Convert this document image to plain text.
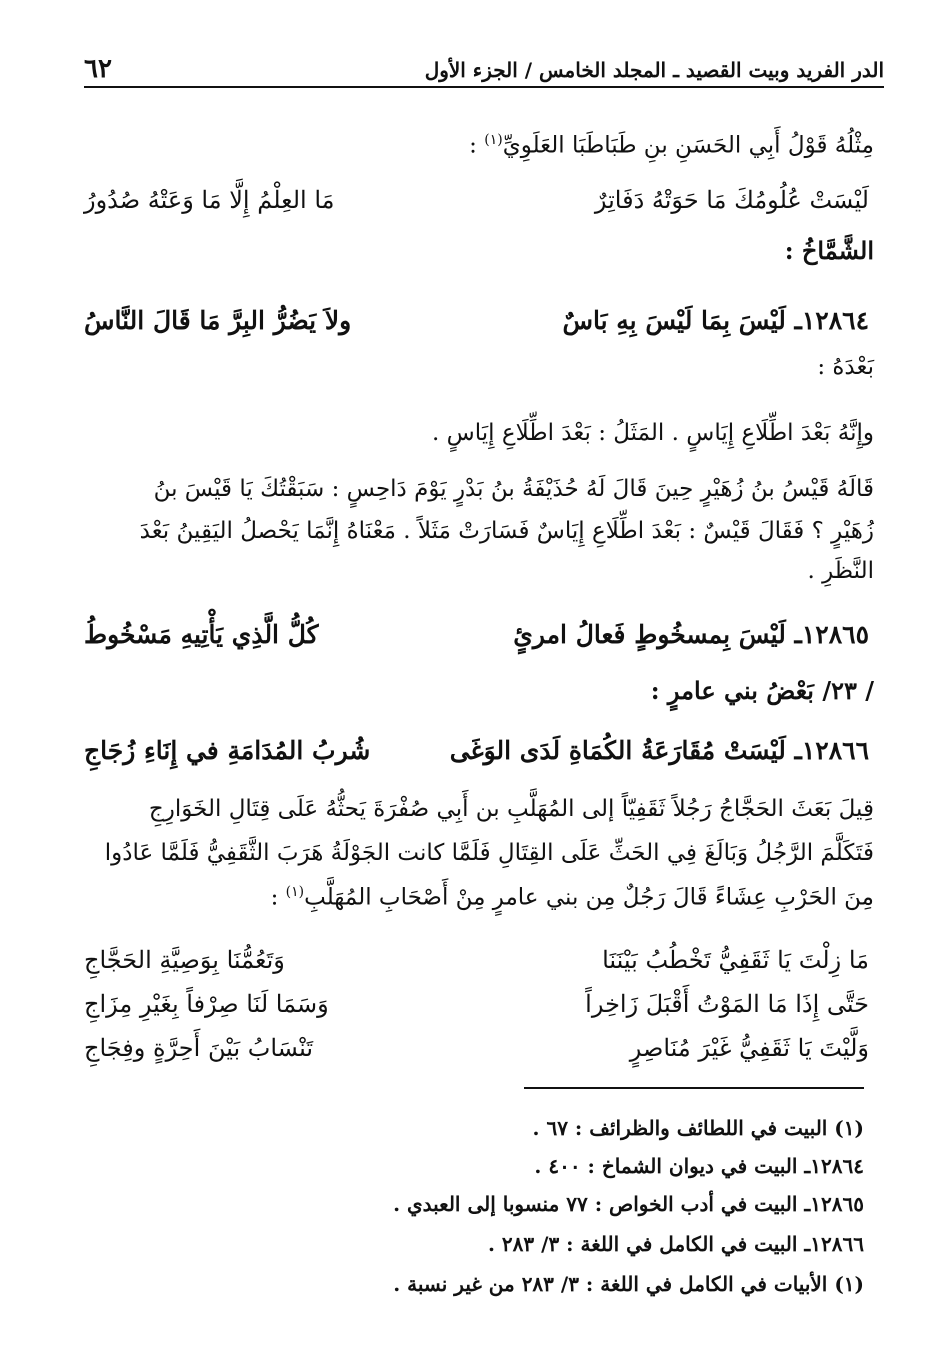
الدر الفريد وبيت القصيد ـ المجلد الخامس / الجزء الأول
٦٢
مِثْلُهُ قَوْلُ أَبِي الحَسَنِ بنِ طَبَاطَبَا العَلَوِيِّ$^{(١)}$ :
لَيْسَتْ عُلُومُكَ مَا حَوَتْهُ دَفَاتِرٌ
مَا العِلْمُ إِلَّا مَا وَعَتْهُ صُدُورُ
الشَّمَّاخُ :
١٢٨٦٤ـ لَيْسَ بِمَا لَيْسَ بِهِ بَاسٌ
ولاَ يَضُرُّ البِرَّ مَا قَالَ النَّاسُ
بَعْدَهُ :
وإِنَّهُ بَعْدَ اطِّلَاعِ إِيَاسٍ . المَثَلُ : بَعْدَ اطِّلَاعِ إِيَاسٍ .
قَالَهُ قَيْسُ بنُ زُهَيْرٍ حِينَ قَالَ لَهُ حُذَيْفَةُ بنُ بَدْرٍ يَوْمَ دَاحِسٍ : سَبَقْتُكَ يَا قَيْسَ بنُ
زُهَيْرٍ ؟ فَقَالَ قَيْسٌ : بَعْدَ اطِّلَاعِ إِيَاسٌ فَسَارَتْ مَثَلاً . مَعْنَاهُ إِنَّمَا يَحْصلُ اليَقِينُ بَعْدَ
النَّظَرِ .
١٢٨٦٥ـ لَيْسَ بِمسخُوطٍ فَعالُ امرئٍ
كُلُّ الَّذِي يَأْتِيهِ مَسْخُوطُ
/ ٢٣/ بَعْضُ بني عامرٍ :
١٢٨٦٦ـ لَيْسَتْ مُقَارَعَةُ الكُمَاةِ لَدَى الوَغَى
شُربُ المُدَامَةِ في إِنَاءِ زُجَاجِ
قِيلَ بَعَثَ الحَجَّاجُ رَجُلاً ثَقَفِيّاً إلى المُهَلَّبِ بن أَبِي صُفْرَةَ يَحثُّهُ عَلَى قِتَالِ الخَوَارِجِ
فَتَكَلَّمَ الرَّجُلُ وَبَالَغَ فِي الحَثِّ عَلَى القِتَالِ فَلَمَّا كانت الجَوْلَةُ هَرَبَ الثَّقَفِيُّ فَلَمَّا عَادُوا
مِنَ الحَرْبِ عِشَاءً قَالَ رَجُلٌ مِن بني عامرٍ مِنْ أَصْحَابِ المُهَلَّبِ$^{(١)}$ :
مَا زِلْتَ يَا ثَقَفِيُّ تَخْطُبُ بَيْنَنَا
وَتَعُمُّنَا بِوَصِيَّةِ الحَجَّاجِ
حَتَّى إِذَا مَا المَوْتُ أَقْبَلَ زَاخِراً
وَسَمَا لَنَا صِرْفاً بِغَيْرِ مِزَاجِ
وَلَّيْتَ يَا ثَقَفِيُّ غَيْرَ مُنَاصِرٍ
تَنْسَابُ بَيْنَ أَحِرَّةٍ وفِجَاجِ
(١) البيت في اللطائف والظرائف : ٦٧ .
١٢٨٦٤ـ البيت في ديوان الشماخ : ٤٠٠ .
١٢٨٦٥ـ البيت في أدب الخواص : ٧٧ منسوبا إلى العبدي .
١٢٨٦٦ـ البيت في الكامل في اللغة : ٣/ ٢٨٣ .
(١) الأبيات في الكامل في اللغة : ٣/ ٢٨٣ من غير نسبة .
